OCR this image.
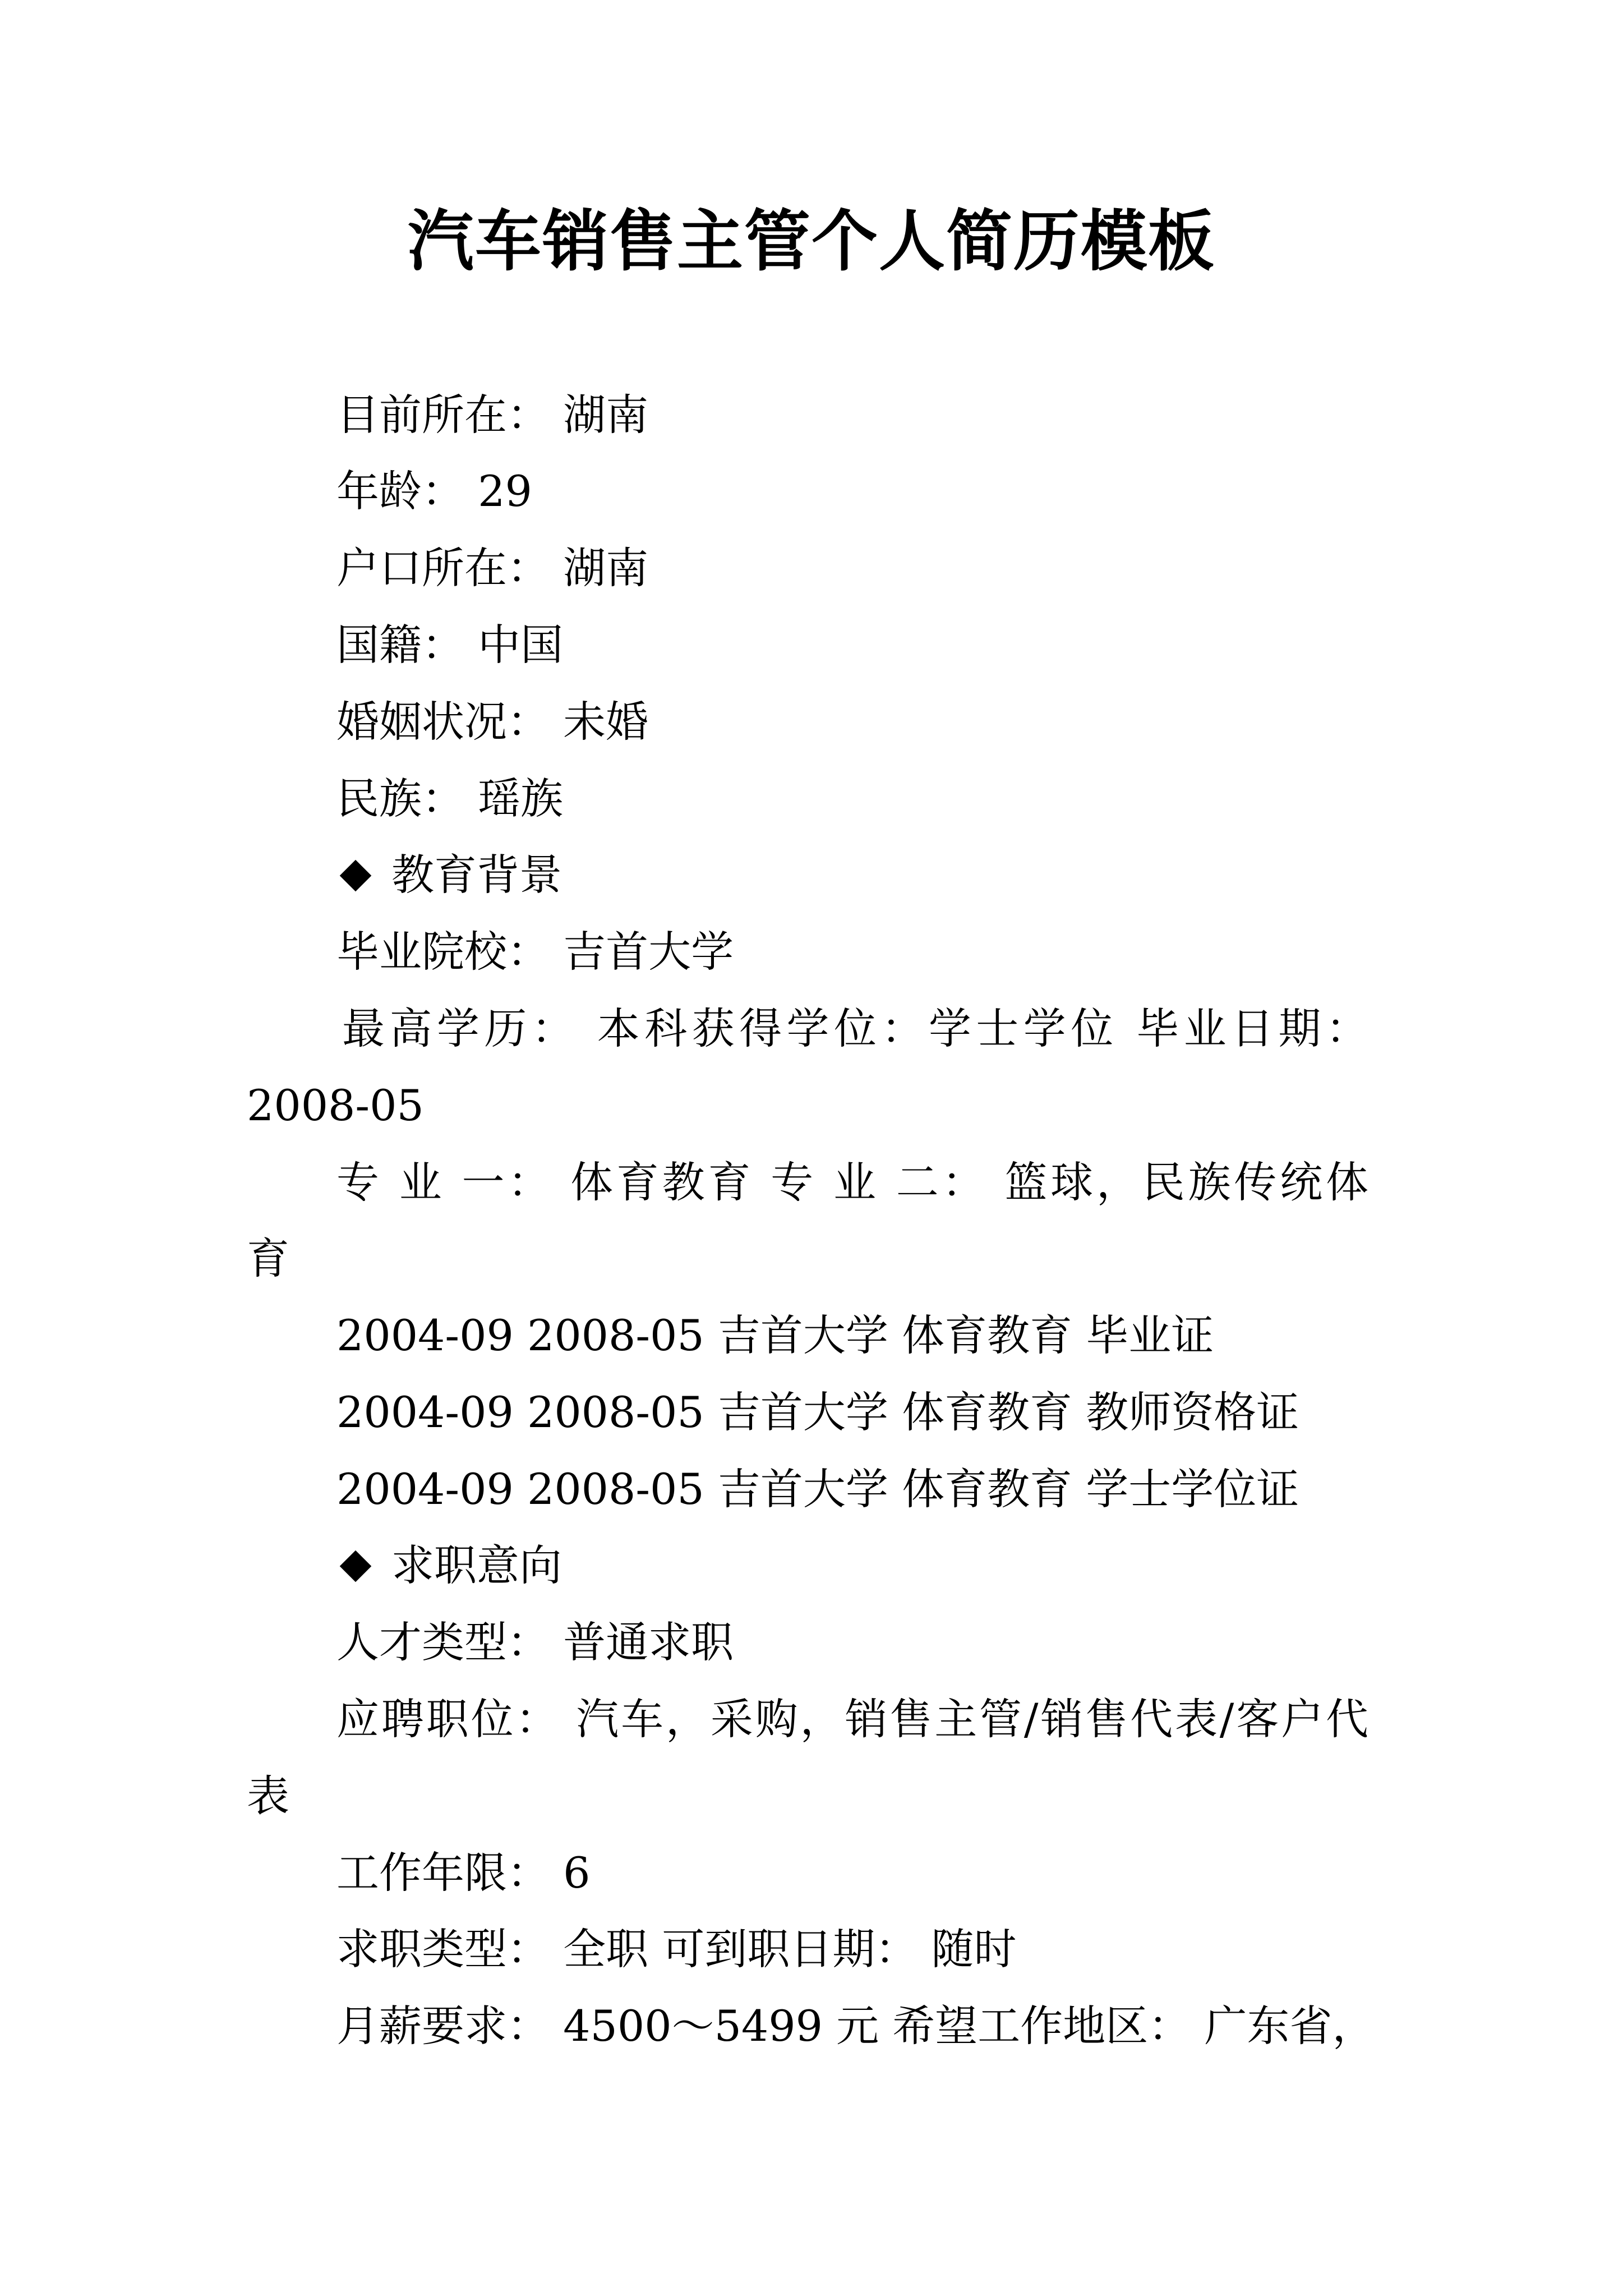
汽车销售主管个人简历模板
目前所在： 湖南
年龄： 29
户口所在： 湖南
国籍： 中国
婚姻状况： 未婚
民族： 瑶族
教育背景
毕业院校： 吉首大学
最高学历： 本科获得学位：学士学位 毕业日期：
2008-05
专 业 一： 体育教育 专 业 二： 篮球，民族传统体
育
2004-09 2008-05 吉首大学 体育教育 毕业证
2004-09 2008-05 吉首大学 体育教育 教师资格证
2004-09 2008-05 吉首大学 体育教育 学士学位证
求职意向
人才类型： 普通求职
应聘职位： 汽车，采购，销售主管/销售代表/客户代
表
工作年限： 6
求职类型： 全职 可到职日期： 随时
月薪要求： 4500～5499 元 希望工作地区： 广东省，
